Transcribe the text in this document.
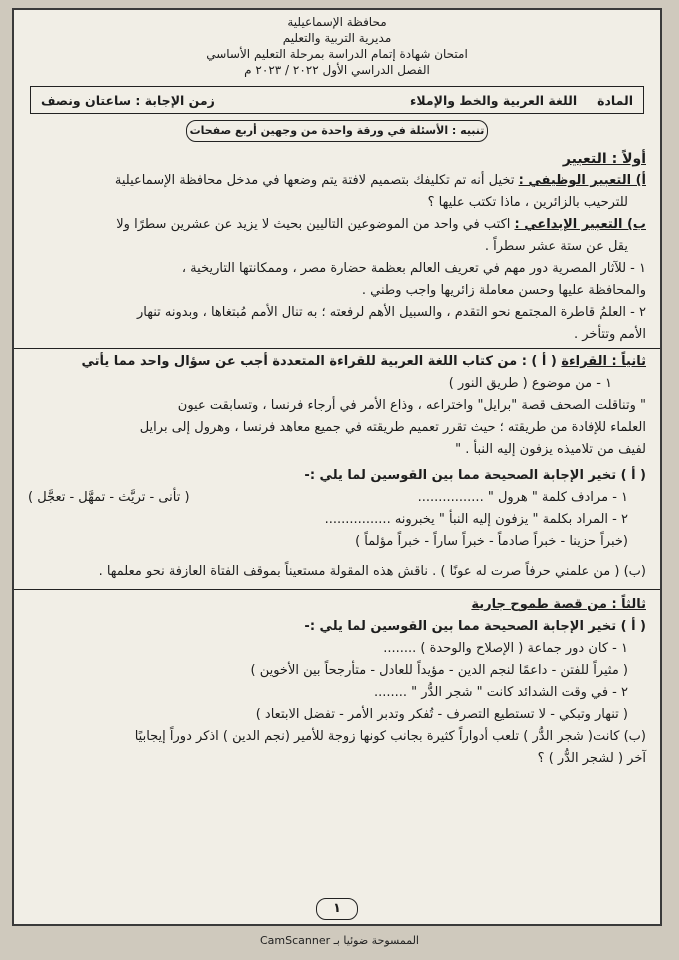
محافظة الإسماعيلية
مديرية التربية والتعليم
امتحان شهادة إتمام الدراسة بمرحلة التعليم الأساسي
الفصل الدراسي الأول ٢٠٢٢ / ٢٠٢٣ م
المادة
اللغة العربية والخط والإملاء
زمن الإجابة : ساعتان ونصف
تنبيه : الأسئلة في ورقة واحدة من وجهين أربع صفحات
أولاً : التعبير
أ) التعبير الوظيفي : تخيل أنه تم تكليفك بتصميم لافتة يتم وضعها في مدخل محافظة الإسماعيلية
للترحيب بالزائرين ، ماذا تكتب عليها ؟
ب) التعبير الإبداعي : اكتب في واحد من الموضوعين التاليين بحيث لا يزيد عن عشرين سطرًا ولا
يقل عن ستة عشر سطراً .
١ - للآثار المصرية دور مهم في تعريف العالم بعظمة حضارة مصر ، وممكانتها التاريخية ،
والمحافظة عليها وحسن معاملة زائريها واجب وطني .
٢ - العلمُ قاطرة المجتمع نحو التقدم ، والسبيل الأهم لرفعته ؛ به تنال الأمم مُبتغاها ، وبدونه تنهار
الأمم وتتأخر .
ثانياً : القراءة ( أ ) : من كتاب اللغة العربية للقراءة المتعددة أجب عن سؤال واحد مما يأتي
١ - من موضوع ( طريق النور )
" وتناقلت الصحف قصة "برايل" واختراعه ، وذاع الأمر في أرجاء فرنسا ، وتسابقت عيون
العلماء للإفادة من طريقته ؛ حيث تقرر تعميم طريقته في جميع معاهد فرنسا ، وهرول إلى برايل
لفيف من تلاميذه يزفون إليه النبأ . "
( أ ) تخير الإجابة الصحيحة مما بين القوسين لما يلي :-
١ - مرادف كلمة " هرول " ................
( تأنى - تريَّث - تمهَّل - تعجَّل )
٢ - المراد بكلمة " يزفون إليه النبأ " يخبرونه ................
(خبراً حزينا - خبراً صادماً - خبراً ساراً - خبراً مؤلماً )
(ب) ( من علمني حرفاً صرت له عونًا ) . ناقش هذه المقولة مستعيناً بموقف الفتاة العازفة نحو معلمها .
ثالثاً : من قصة طموح جارية
( أ ) تخير الإجابة الصحيحة مما بين القوسين لما يلي :-
١ - كان دور جماعة ( الإصلاح والوحدة ) ........
( مثيراً للفتن - داعمًا لنجم الدين - مؤيداً للعادل - متأرجحاً بين الأخوين )
٢ - في وقت الشدائد كانت " شجر الدُّر " ........
( تنهار وتبكي - لا تستطيع التصرف - تُفكر وتدبر الأمر - تفضل الابتعاد )
(ب) كانت( شجر الدُّر ) تلعب أدواراً كثيرة بجانب كونها زوجة للأمير (نجم الدين ) اذكر دوراً إيجابيًا
آخر ( لشجر الدُّر ) ؟
١
الممسوحة ضوئيا بـ CamScanner
